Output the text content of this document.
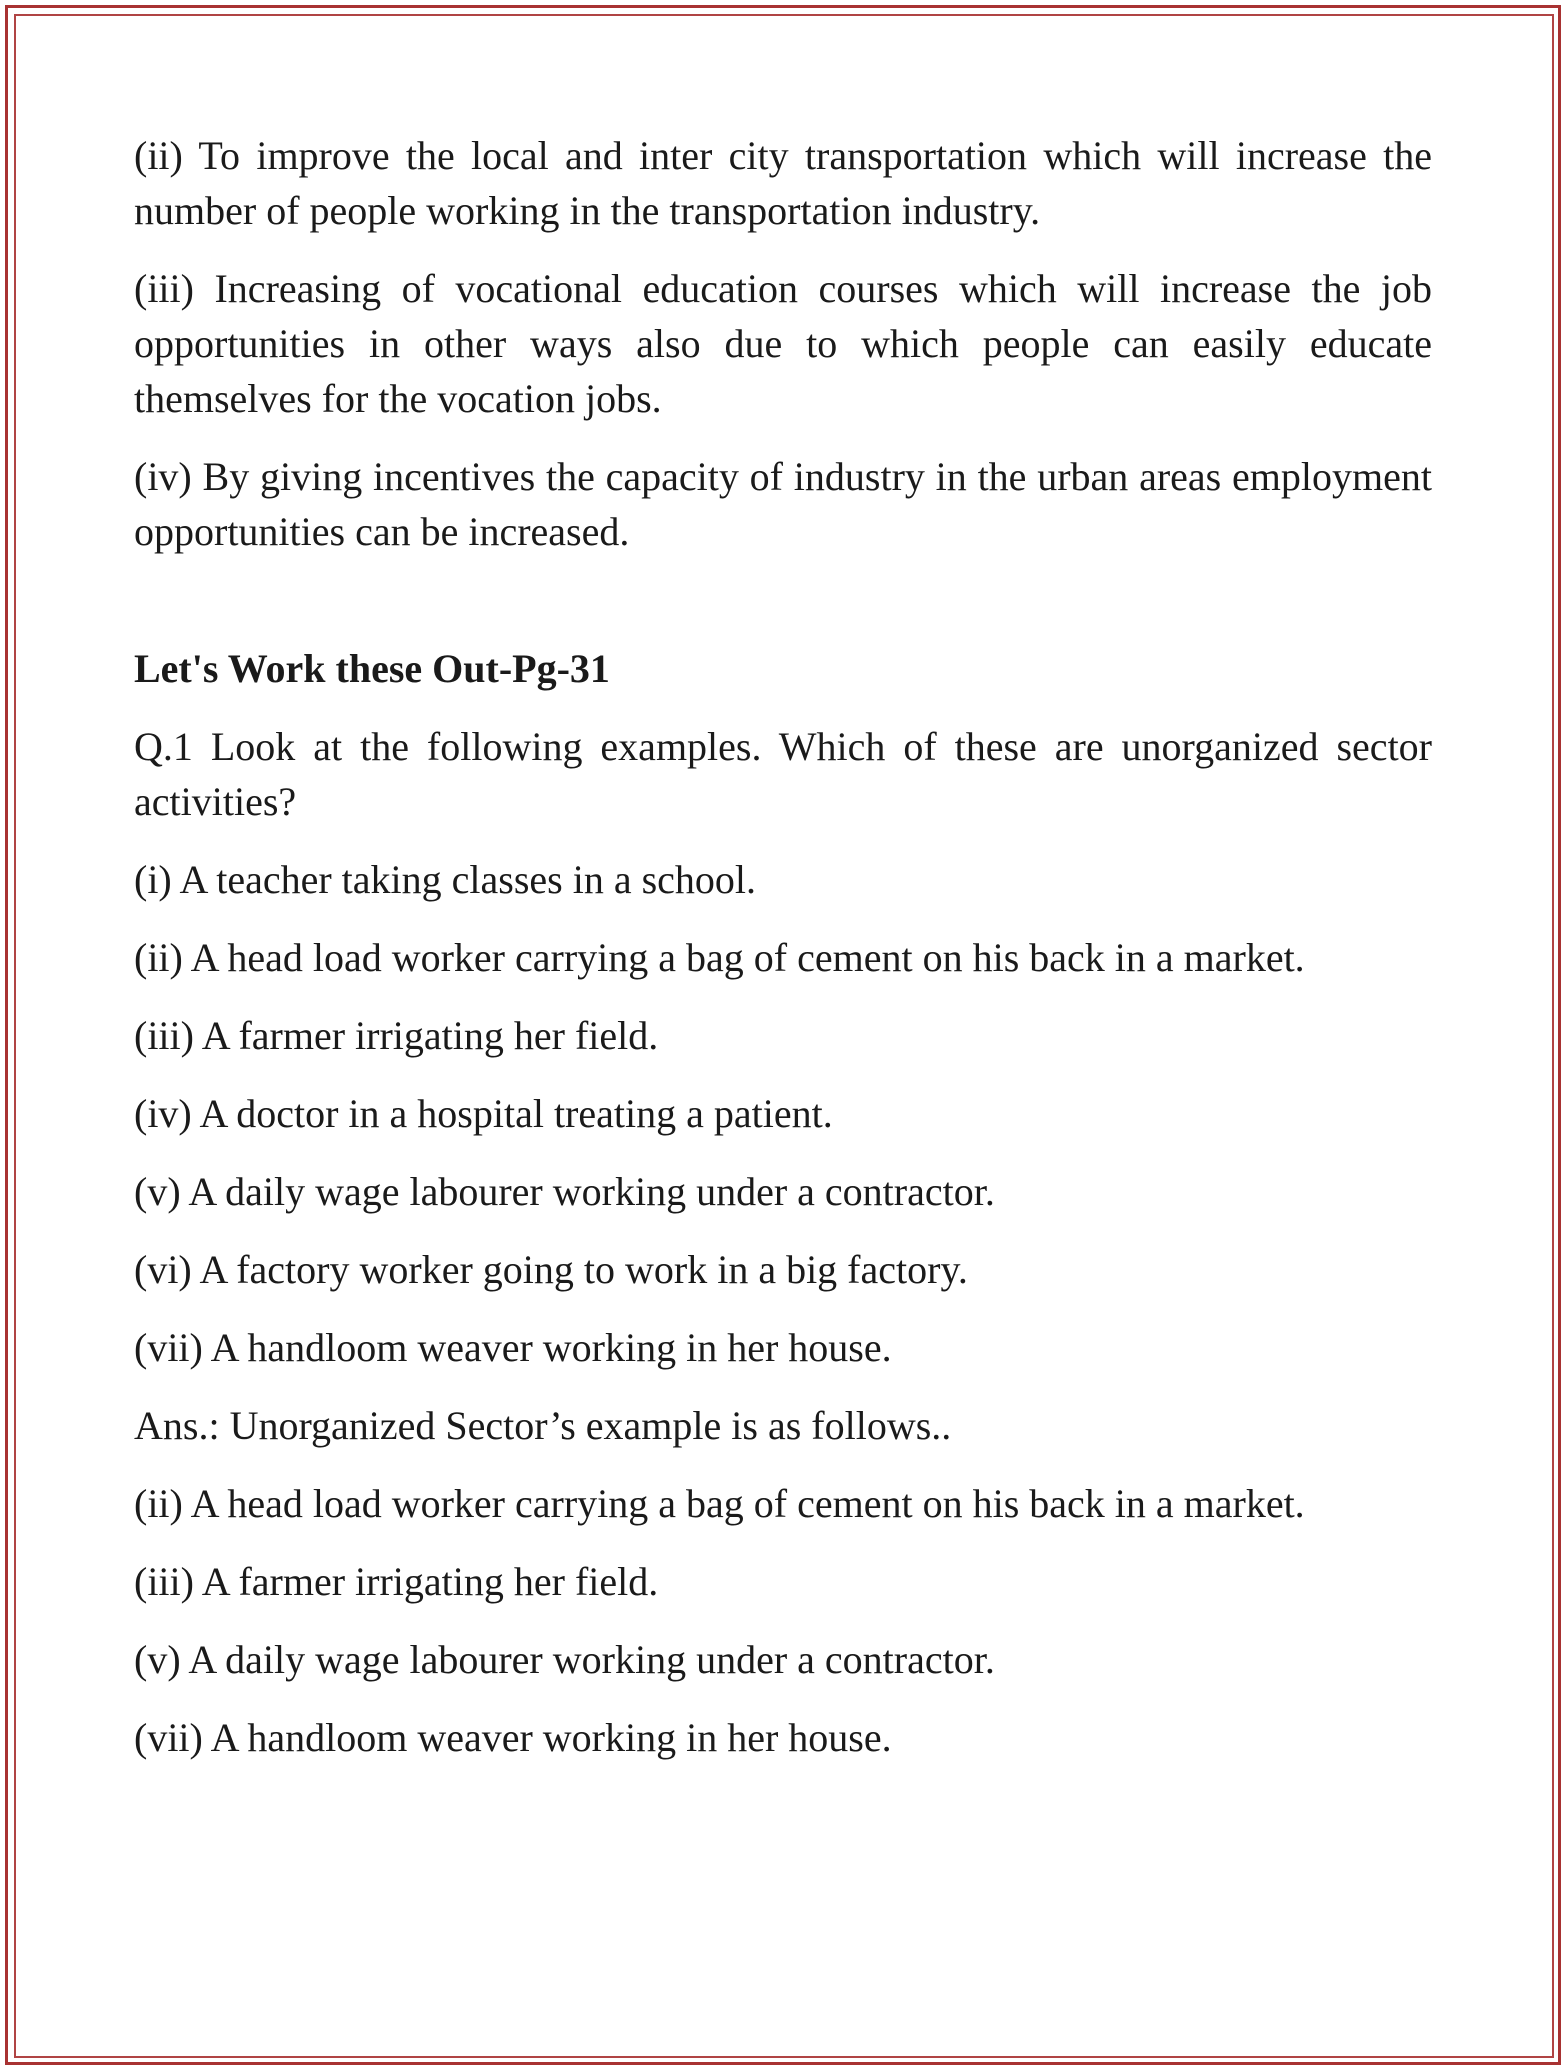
(ii) To improve the local and inter city transportation which will increase the number of people working in the transportation industry.

(iii) Increasing of vocational education courses which will increase the job opportunities in other ways also due to which people can easily educate themselves for the vocation jobs.

(iv) By giving incentives the capacity of industry in the urban areas employment opportunities can be increased.

Let's Work these Out-Pg-31

Q.1 Look at the following examples. Which of these are unorganized sector activities?

(i) A teacher taking classes in a school.

(ii) A head load worker carrying a bag of cement on his back in a market.

(iii) A farmer irrigating her field.

(iv) A doctor in a hospital treating a patient.

(v) A daily wage labourer working under a contractor.

(vi) A factory worker going to work in a big factory.

(vii) A handloom weaver working in her house.

Ans.: Unorganized Sector’s example is as follows..

(ii) A head load worker carrying a bag of cement on his back in a market.

(iii) A farmer irrigating her field.

(v) A daily wage labourer working under a contractor.

(vii) A handloom weaver working in her house.
